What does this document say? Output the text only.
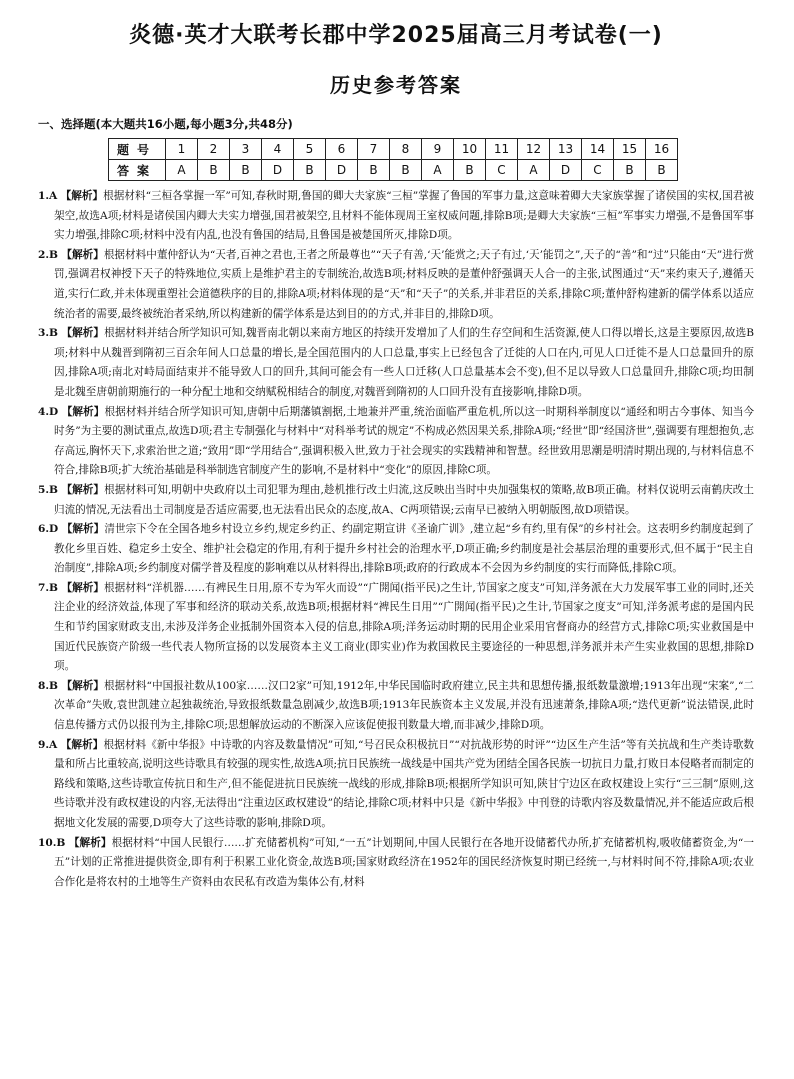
炎德·英才大联考长郡中学2025届高三月考试卷(一)
历史参考答案
一、选择题(本大题共16小题,每小题3分,共48分)
题号	1	2	3	4	5	6	7	8	9	10	11	12	13	14	15	16
答案	A	B	B	D	B	D	B	B	A	B	C	A	D	C	B	B

1.A 【解析】根据材料“三桓各掌握一军”可知,春秋时期,鲁国的卿大夫家族“三桓”掌握了鲁国的军事力量,这意味着卿大夫家族掌握了诸侯国的实权,国君被架空,故选A项;材料是诸侯国内卿大夫实力增强,国君被架空,且材料不能体现周王室权威问题,排除B项;是卿大夫家族“三桓”军事实力增强,不是鲁国军事实力增强,排除C项;材料中没有内乱,也没有鲁国的结局,且鲁国是被楚国所灭,排除D项。

2.B 【解析】根据材料中董仲舒认为“天者,百神之君也,王者之所最尊也”“天子有善,‘天’能赏之;天子有过,‘天’能罚之”,天子的“善”和“过”只能由“天”进行赏罚,强调君权神授下天子的特殊地位,实质上是维护君主的专制统治,故选B项;材料反映的是董仲舒强调天人合一的主张,试图通过“天”来约束天子,遵循天道,实行仁政,并未体现重塑社会道德秩序的目的,排除A项;材料体现的是“天”和“天子”的关系,并非君臣的关系,排除C项;董仲舒构建新的儒学体系以适应统治者的需要,最终被统治者采纳,所以构建新的儒学体系是达到目的的方式,并非目的,排除D项。

3.B 【解析】根据材料并结合所学知识可知,魏晋南北朝以来南方地区的持续开发增加了人们的生存空间和生活资源,使人口得以增长,这是主要原因,故选B项;材料中从魏晋到隋初三百余年间人口总量的增长,是全国范围内的人口总量,事实上已经包含了迁徙的人口在内,可见人口迁徙不是人口总量回升的原因,排除A项;南北对峙局面结束并不能导致人口的回升,其间可能会有一些人口迁移(人口总量基本会不变),但不足以导致人口总量回升,排除C项;均田制是北魏至唐朝前期施行的一种分配土地和交纳赋税相结合的制度,对魏晋到隋初的人口回升没有直接影响,排除D项。

4.D 【解析】根据材料并结合所学知识可知,唐朝中后期藩镇割据,土地兼并严重,统治面临严重危机,所以这一时期科举制度以“通经和明古今事体、知当今时务”为主要的测试重点,故选D项;君主专制强化与材料中“对科举考试的规定”不构成必然因果关系,排除A项;“经世”即“经国济世”,强调要有理想抱负,志存高远,胸怀天下,求索治世之道;“致用”即“学用结合”,强调积极入世,致力于社会现实的实践精神和智慧。经世致用思潮是明清时期出现的,与材料信息不符合,排除B项;扩大统治基础是科举制选官制度产生的影响,不是材料中“变化”的原因,排除C项。

5.B 【解析】根据材料可知,明朝中央政府以土司犯罪为理由,趁机推行改土归流,这反映出当时中央加强集权的策略,故B项正确。材料仅说明云南鹤庆改土归流的情况,无法看出土司制度是否适应需要,也无法看出民众的态度,故A、C两项错误;云南早已被纳入明朝版图,故D项错误。

6.D 【解析】清世宗下令在全国各地乡村设立乡约,规定乡约正、约副定期宣讲《圣谕广训》,建立起“乡有约,里有保”的乡村社会。这表明乡约制度起到了教化乡里百姓、稳定乡土安全、维护社会稳定的作用,有利于提升乡村社会的治理水平,D项正确;乡约制度是社会基层治理的重要形式,但不属于“民主自治制度”,排除A项;乡约制度对儒学普及程度的影响难以从材料得出,排除B项;政府的行政成本不会因为乡约制度的实行而降低,排除C项。

7.B 【解析】根据材料“洋机器……有裨民生日用,原不专为军火而设”“广開闻(指平民)之生计,节国家之度支”可知,洋务派在大力发展军事工业的同时,还关注企业的经济效益,体现了军事和经济的联动关系,故选B项;根据材料“裨民生日用”“广開闻(指平民)之生计,节国家之度支”可知,洋务派考虑的是国内民生和节约国家财政支出,未涉及洋务企业抵制外国资本入侵的信息,排除A项;洋务运动时期的民用企业采用官督商办的经营方式,排除C项;实业救国是中国近代民族资产阶级一些代表人物所宣扬的以发展资本主义工商业(即实业)作为救国救民主要途径的一种思想,洋务派并未产生实业救国的思想,排除D项。

8.B 【解析】根据材料“中国报社数从100家……汉口2家”可知,1912年,中华民国临时政府建立,民主共和思想传播,报纸数量激增;1913年出现“宋案”,“二次革命”失败,袁世凯建立起独裁统治,导致报纸数量急剧减少,故选B项;1913年民族资本主义发展,并没有迅速萧条,排除A项;“迭代更新”说法错误,此时信息传播方式仍以报刊为主,排除C项;思想解放运动的不断深入应该促使报刊数量大增,而非减少,排除D项。

9.A 【解析】根据材料《新中华报》中诗歌的内容及数量情况”可知,“号召民众积极抗日”“对抗战形势的时评”“边区生产生活”等有关抗战和生产类诗歌数量和所占比重较高,说明这些诗歌具有较强的现实性,故选A项;抗日民族统一战线是中国共产党为团结全国各民族一切抗日力量,打败日本侵略者而制定的路线和策略,这些诗歌宣传抗日和生产,但不能促进抗日民族统一战线的形成,排除B项;根据所学知识可知,陕甘宁边区在政权建设上实行“三三制”原则,这些诗歌并没有政权建设的内容,无法得出“注重边区政权建设”的结论,排除C项;材料中只是《新中华报》中刊登的诗歌内容及数量情况,并不能适应政后根据地文化发展的需要,D项夸大了这些诗歌的影响,排除D项。

10.B 【解析】根据材料“中国人民银行……扩充储蓄机构”可知,“一五”计划期间,中国人民银行在各地开设储蓄代办所,扩充储蓄机构,吸收储蓄资金,为“一五”计划的正常推进提供资金,即有利于积累工业化资金,故选B项;国家财政经济在1952年的国民经济恢复时期已经统一,与材料时间不符,排除A项;农业合作化是将农村的土地等生产资料由农民私有改造为集体公有,材料
